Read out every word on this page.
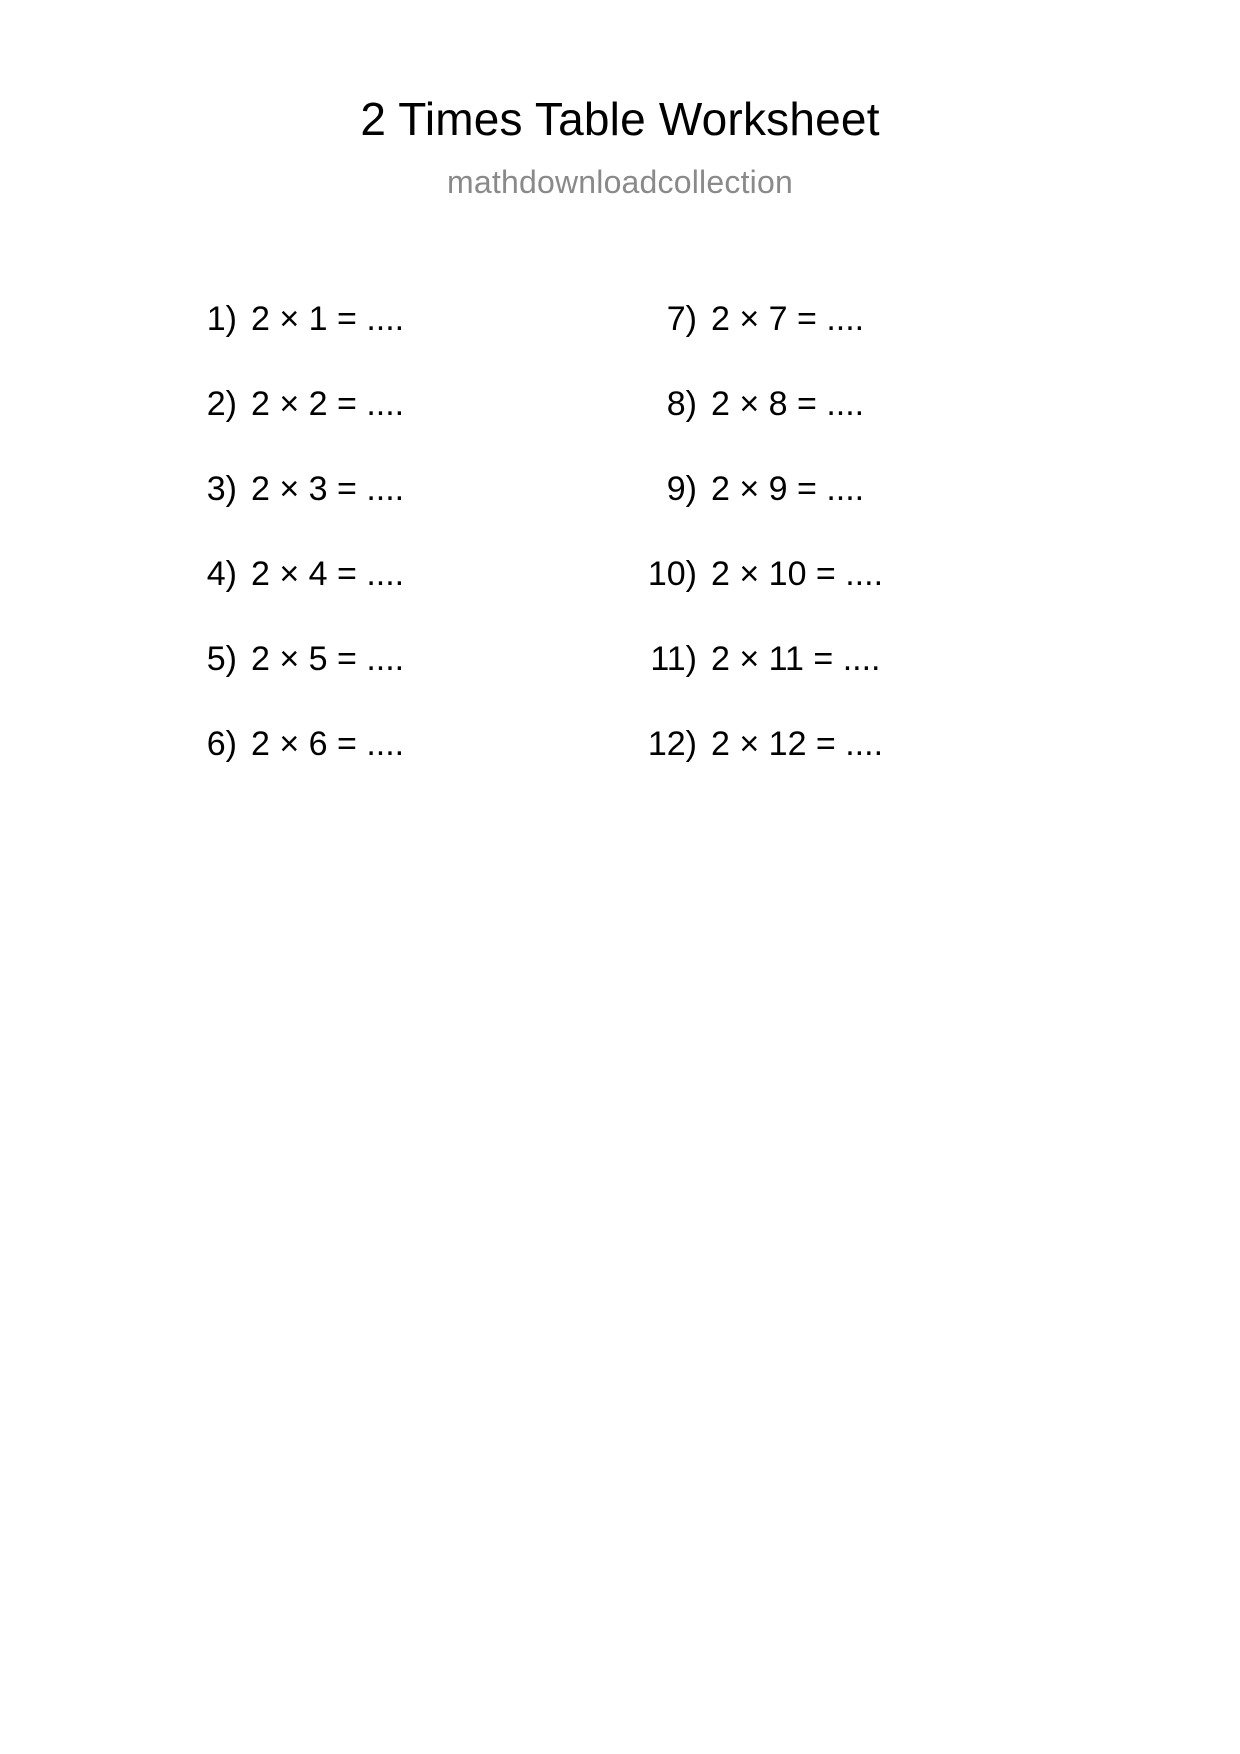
2 Times Table Worksheet
mathdownloadcollection
1) 2 × 1 = ....
2) 2 × 2 = ....
3) 2 × 3 = ....
4) 2 × 4 = ....
5) 2 × 5 = ....
6) 2 × 6 = ....
7) 2 × 7 = ....
8) 2 × 8 = ....
9) 2 × 9 = ....
10) 2 × 10 = ....
11) 2 × 11 = ....
12) 2 × 12 = ....
